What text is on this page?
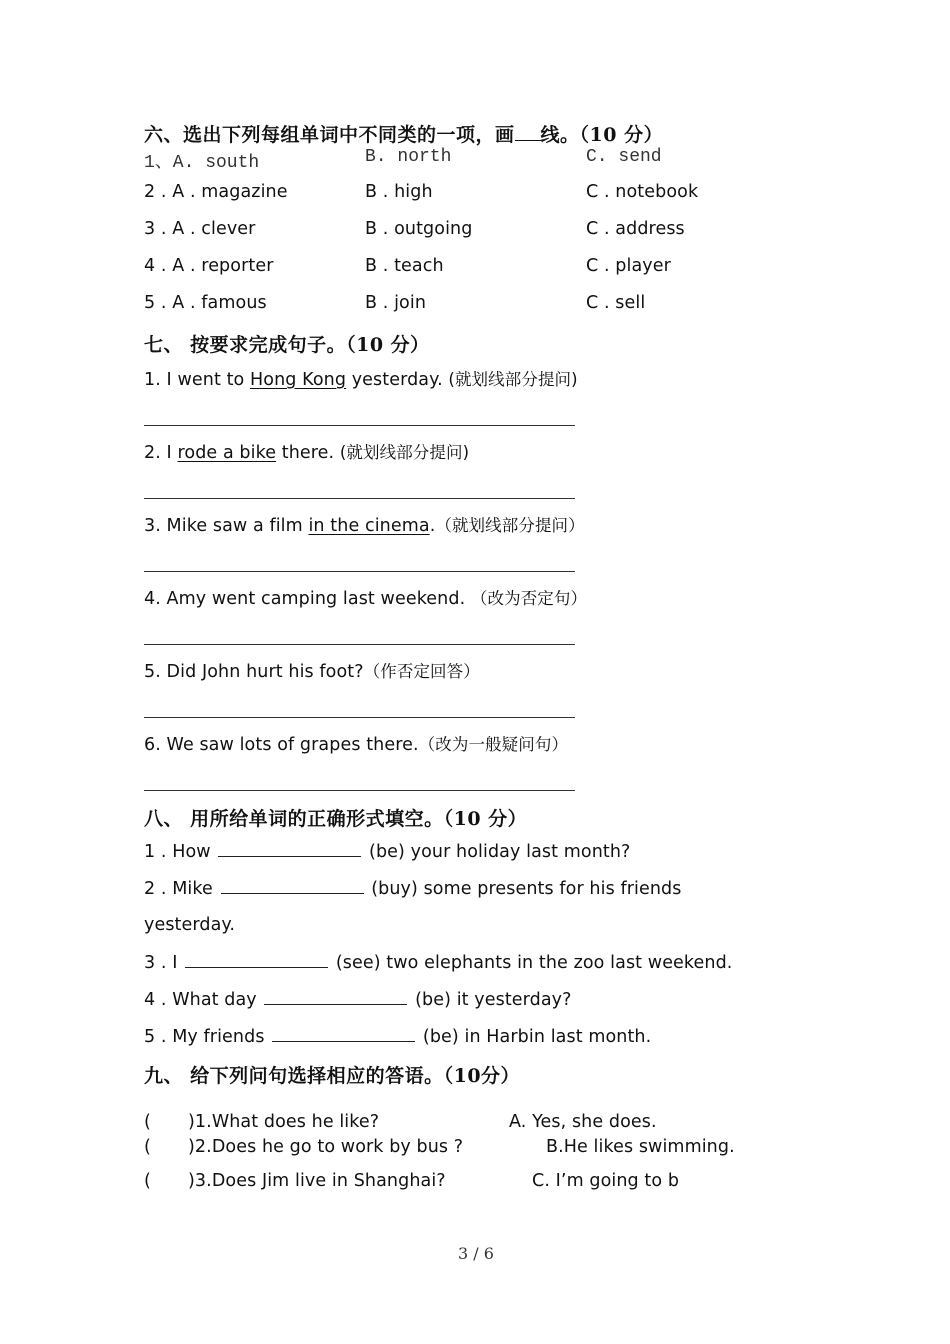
六、选出下列每组单词中不同类的一项，画 线。（10 分）
1、A. south	B. north	C. send
2 . A . magazine	B . high	C . notebook
3 . A . clever	B . outgoing	C . address
4 . A . reporter	B . teach	C . player
5 . A . famous	B . join	C . sell
七、 按要求完成句子。（10 分）
1. I went to Hong Kong yesterday. (就划线部分提问)
2. I rode a bike there. (就划线部分提问)
3. Mike saw a film in the cinema.（就划线部分提问）
4. Amy went camping last weekend. （改为否定句）
5. Did John hurt his foot?（作否定回答）
6. We saw lots of grapes there.（改为一般疑问句）
八、 用所给单词的正确形式填空。（10 分）
1 . How	(be) your holiday last month?
2 . Mike	(buy) some presents for his friends
yesterday.
3 . I	(see) two elephants in the zoo last weekend.
4 . What day	(be) it yesterday?
5 . My friends	(be) in Harbin last month.
九、 给下列问句选择相应的答语。（10分）
( )1.What does he like?	A. Yes, she does.
( )2.Does he go to work by bus ?	B.He likes swimming.
( )3.Does Jim live in Shanghai?	C. I’m going to b
3 / 6
